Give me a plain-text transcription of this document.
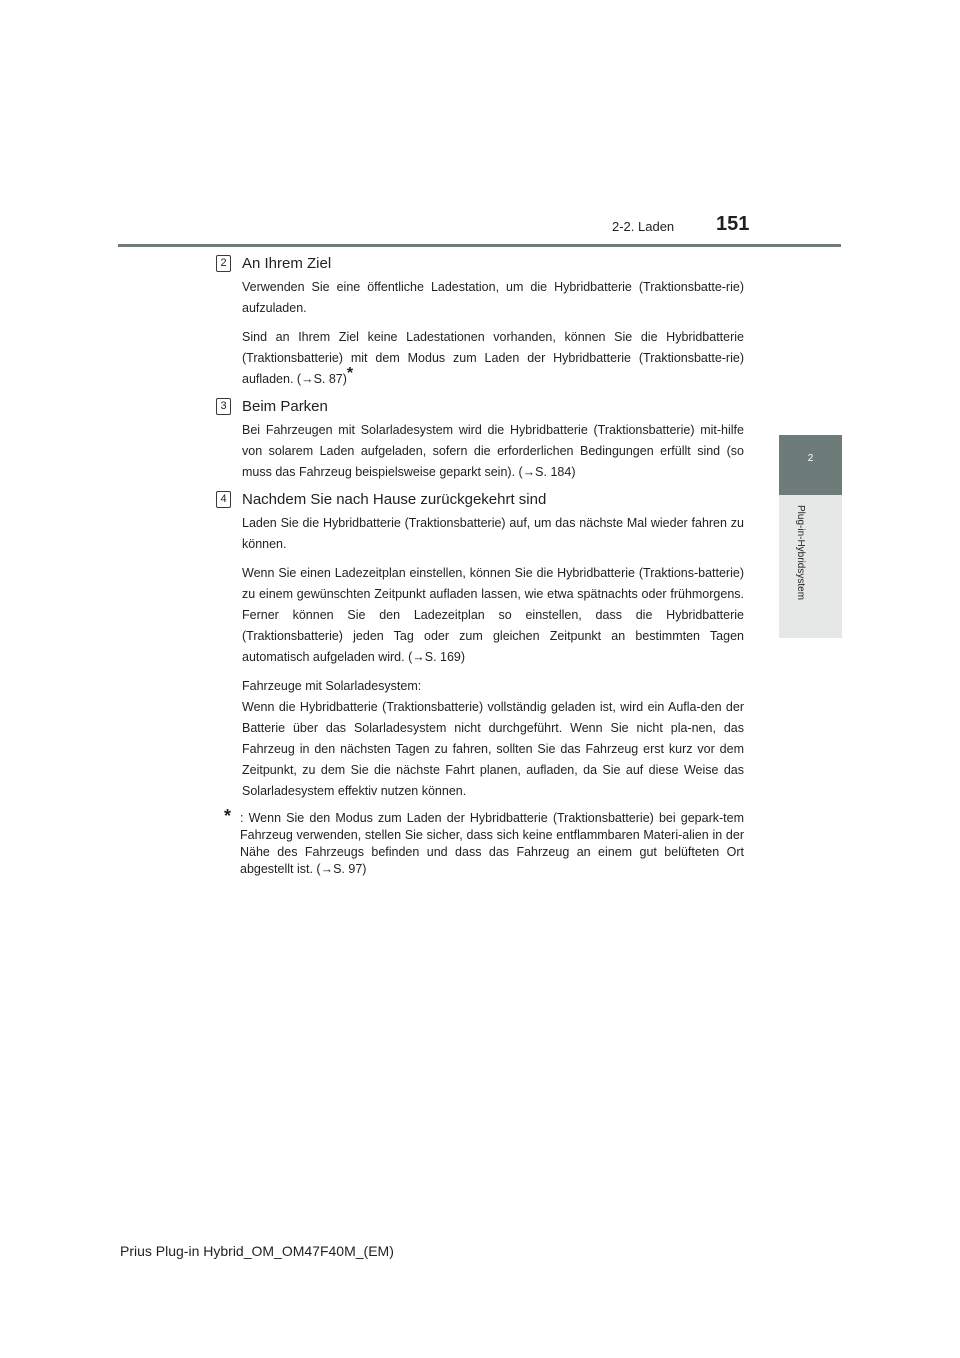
2-2. Laden 151
2
Plug-in-Hybridsystem
2 An Ihrem Ziel

Verwenden Sie eine öffentliche Ladestation, um die Hybridbatterie (Traktionsbatte-rie) aufzuladen.

Sind an Ihrem Ziel keine Ladestationen vorhanden, können Sie die Hybridbatterie (Traktionsbatterie) mit dem Modus zum Laden der Hybridbatterie (Traktionsbatte-rie) aufladen. (→S. 87)*

3 Beim Parken

Bei Fahrzeugen mit Solarladesystem wird die Hybridbatterie (Traktionsbatterie) mit-hilfe von solarem Laden aufgeladen, sofern die erforderlichen Bedingungen erfüllt sind (so muss das Fahrzeug beispielsweise geparkt sein). (→S. 184)

4 Nachdem Sie nach Hause zurückgekehrt sind

Laden Sie die Hybridbatterie (Traktionsbatterie) auf, um das nächste Mal wieder fahren zu können.

Wenn Sie einen Ladezeitplan einstellen, können Sie die Hybridbatterie (Traktions-batterie) zu einem gewünschten Zeitpunkt aufladen lassen, wie etwa spätnachts oder frühmorgens. Ferner können Sie den Ladezeitplan so einstellen, dass die Hybridbatterie (Traktionsbatterie) jeden Tag oder zum gleichen Zeitpunkt an bestimmten Tagen automatisch aufgeladen wird. (→S. 169)

Fahrzeuge mit Solarladesystem:

Wenn die Hybridbatterie (Traktionsbatterie) vollständig geladen ist, wird ein Aufla-den der Batterie über das Solarladesystem nicht durchgeführt. Wenn Sie nicht pla-nen, das Fahrzeug in den nächsten Tagen zu fahren, sollten Sie das Fahrzeug erst kurz vor dem Zeitpunkt, zu dem Sie die nächste Fahrt planen, aufladen, da Sie auf diese Weise das Solarladesystem effektiv nutzen können.

* : Wenn Sie den Modus zum Laden der Hybridbatterie (Traktionsbatterie) bei gepark-tem Fahrzeug verwenden, stellen Sie sicher, dass sich keine entflammbaren Materi-alien in der Nähe des Fahrzeugs befinden und dass das Fahrzeug an einem gut belüfteten Ort abgestellt ist. (→S. 97)
Prius Plug-in Hybrid_OM_OM47F40M_(EM)
